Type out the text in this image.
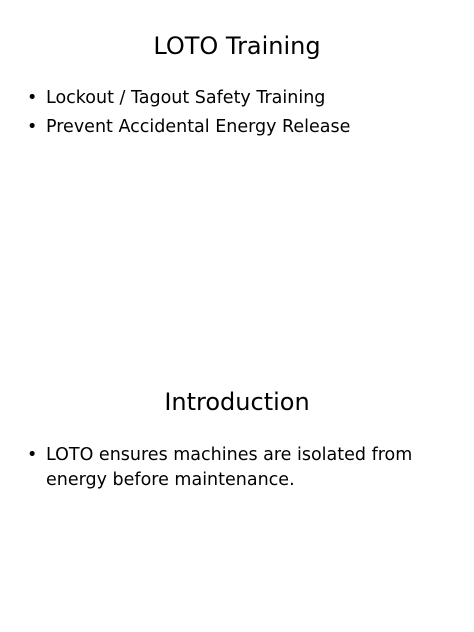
LOTO Training
• Lockout / Tagout Safety Training
• Prevent Accidental Energy Release
Introduction
• LOTO ensures machines are isolated from energy before maintenance.
